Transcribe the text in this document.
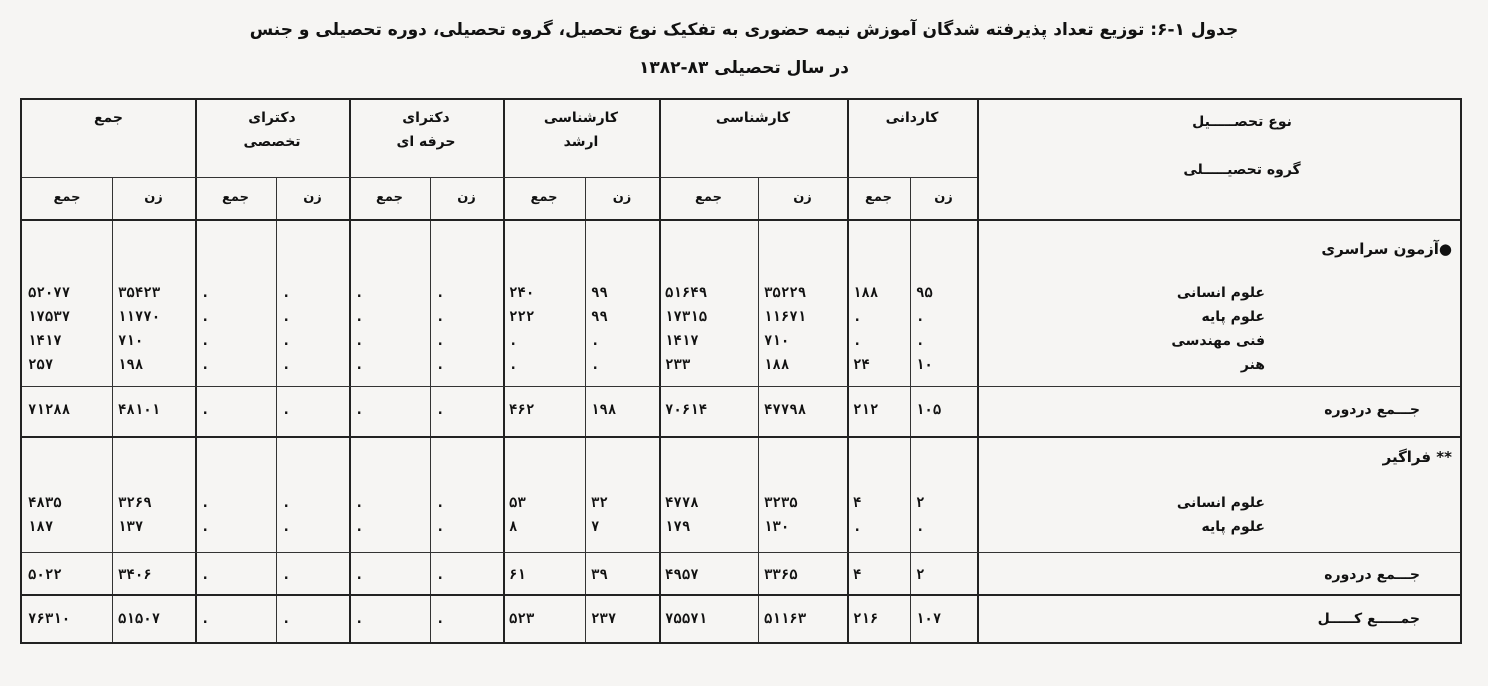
جدول ۱-۶: توزیع تعداد پذیرفته شدگان آموزش نیمه حضوری به تفکیک نوع تحصیل، گروه تحصیلی، دوره تحصیلی و جنس
در سال تحصیلی ۸۳-۱۳۸۲
نوع تحصـــــیل
گروه تحصیـــــلی
جمع
جمع	زن
دکترای
تخصصی
جمع	زن
دکترای
حرفه ای
جمع	زن
کارشناسی
ارشد
جمع	زن
کارشناسی
جمع	زن
کاردانی
جمع	زن
●آزمون سراسری
علوم انسانی
۵۲۰۷۷	۳۵۴۲۳	.	.	.	.	۲۴۰	۹۹	۵۱۶۴۹	۳۵۲۲۹	۱۸۸	۹۵
علوم پایه
۱۷۵۳۷	۱۱۷۷۰	.	.	.	.	۲۲۲	۹۹	۱۷۳۱۵	۱۱۶۷۱	.	.
فنی مهندسی
۱۴۱۷	۷۱۰	.	.	.	.	.	.	۱۴۱۷	۷۱۰	.	.
هنر
۲۵۷	۱۹۸	.	.	.	.	.	.	۲۳۳	۱۸۸	۲۴	۱۰
جـــمع دردوره
۷۱۲۸۸	۴۸۱۰۱	.	.	.	.	۴۶۲	۱۹۸	۷۰۶۱۴	۴۷۷۹۸	۲۱۲	۱۰۵
** فراگیر
علوم انسانی
۴۸۳۵	۳۲۶۹	.	.	.	.	۵۳	۳۲	۴۷۷۸	۳۲۳۵	۴	۲
علوم پایه
۱۸۷	۱۳۷	.	.	.	.	۸	۷	۱۷۹	۱۳۰	.	.
جـــمع دردوره
۵۰۲۲	۳۴۰۶	.	.	.	.	۶۱	۳۹	۴۹۵۷	۳۳۶۵	۴	۲
جمـــــع کـــــل
۷۶۳۱۰	۵۱۵۰۷	.	.	.	.	۵۲۳	۲۳۷	۷۵۵۷۱	۵۱۱۶۳	۲۱۶	۱۰۷
